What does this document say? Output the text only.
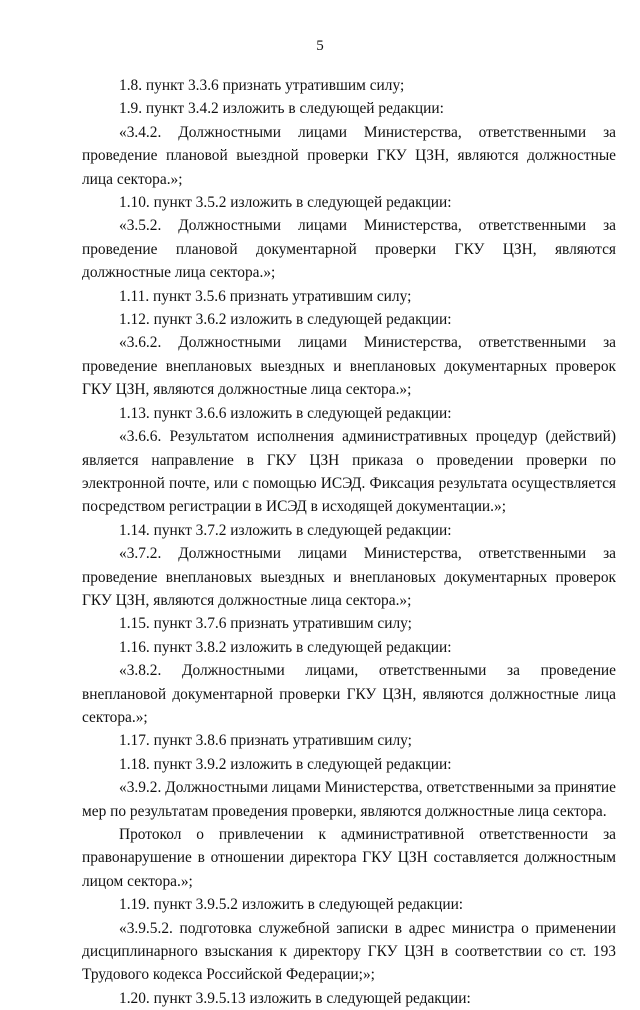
5

1.8. пункт 3.3.6 признать утратившим силу;

1.9. пункт 3.4.2 изложить в следующей редакции:

«3.4.2. Должностными лицами Министерства, ответственными за проведение плановой выездной проверки ГКУ ЦЗН, являются должностные лица сектора.»;

1.10. пункт 3.5.2 изложить в следующей редакции:

«3.5.2. Должностными лицами Министерства, ответственными за проведение плановой документарной проверки ГКУ ЦЗН, являются должностные лица сектора.»;

1.11. пункт 3.5.6 признать утратившим силу;

1.12. пункт 3.6.2 изложить в следующей редакции:

«3.6.2. Должностными лицами Министерства, ответственными за проведение внеплановых выездных и внеплановых документарных проверок ГКУ ЦЗН, являются должностные лица сектора.»;

1.13. пункт 3.6.6 изложить в следующей редакции:

«3.6.6. Результатом исполнения административных процедур (действий) является направление в ГКУ ЦЗН приказа о проведении проверки по электронной почте, или с помощью ИСЭД. Фиксация результата осуществляется посредством регистрации в ИСЭД в исходящей документации.»;

1.14. пункт 3.7.2 изложить в следующей редакции:

«3.7.2. Должностными лицами Министерства, ответственными за проведение внеплановых выездных и внеплановых документарных проверок ГКУ ЦЗН, являются должностные лица сектора.»;

1.15. пункт 3.7.6 признать утратившим силу;

1.16. пункт 3.8.2 изложить в следующей редакции:

«3.8.2. Должностными лицами, ответственными за проведение внеплановой документарной проверки ГКУ ЦЗН, являются должностные лица сектора.»;

1.17. пункт 3.8.6 признать утратившим силу;

1.18. пункт 3.9.2 изложить в следующей редакции:

«3.9.2. Должностными лицами Министерства, ответственными за принятие мер по результатам проведения проверки, являются должностные лица сектора.

Протокол о привлечении к административной ответственности за правонарушение в отношении директора ГКУ ЦЗН составляется должностным лицом сектора.»;

1.19. пункт 3.9.5.2 изложить в следующей редакции:

«3.9.5.2. подготовка служебной записки в адрес министра о применении дисциплинарного взыскания к директору ГКУ ЦЗН в соответствии со ст. 193 Трудового кодекса Российской Федерации;»;

1.20. пункт 3.9.5.13 изложить в следующей редакции:
